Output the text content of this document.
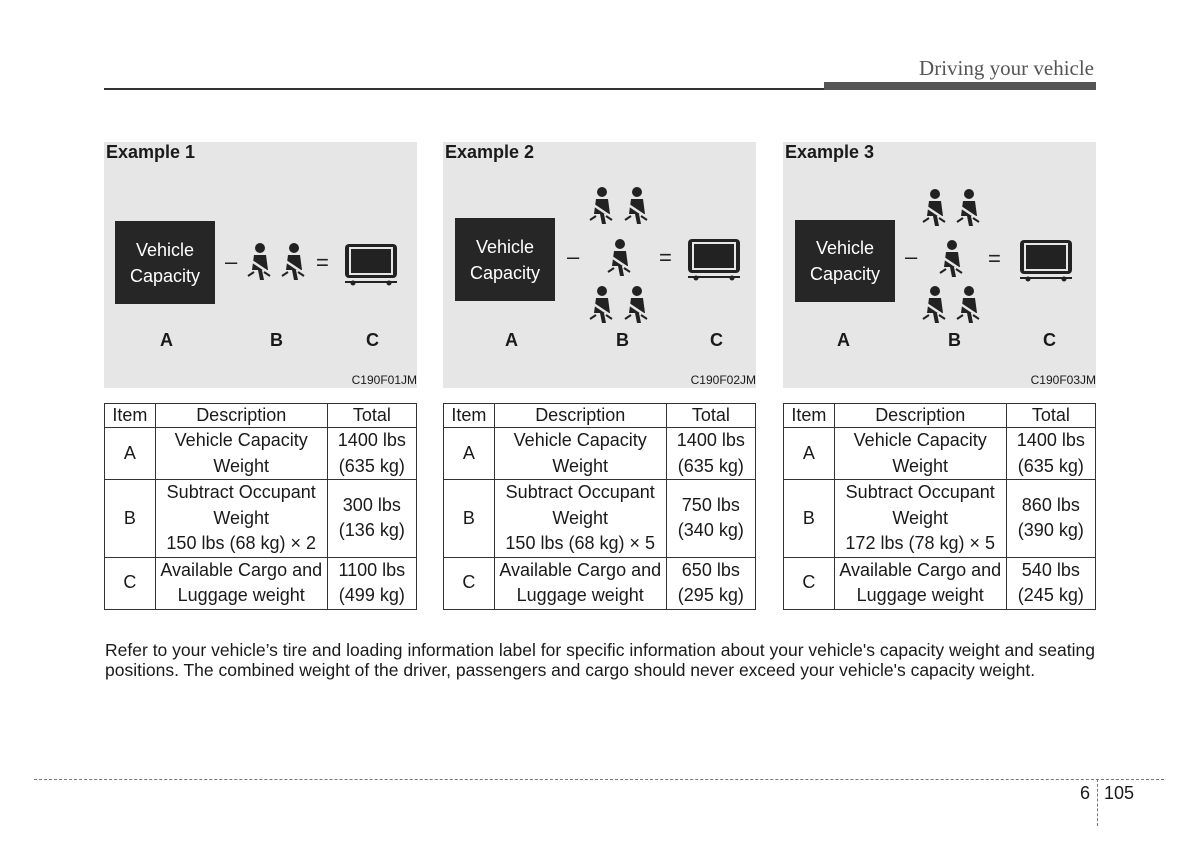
Driving your vehicle
Example 1
Vehicle
Capacity
–	=
A	B	C
C190F01JM
Item	Description	Total
A	Vehicle Capacity
Weight	1400 lbs
(635 kg)

B	Subtract Occupant
Weight
150 lbs (68 kg) × 2	300 lbs
(136 kg)

C	Available Cargo and
Luggage weight	1100 lbs
(499 kg)
Example 2
Vehicle
Capacity
–	=
A	B	C
C190F02JM
Item	Description	Total
A	Vehicle Capacity
Weight	1400 lbs
(635 kg)

B	Subtract Occupant
Weight
150 lbs (68 kg) × 5	750 lbs
(340 kg)

C	Available Cargo and
Luggage weight	650 lbs
(295 kg)
Example 3
Vehicle
Capacity
–	=
A	B	C
C190F03JM
Item	Description	Total
A	Vehicle Capacity
Weight	1400 lbs
(635 kg)

B	Subtract Occupant
Weight
172 lbs (78 kg) × 5	860 lbs
(390 kg)

C	Available Cargo and
Luggage weight	540 lbs
(245 kg)

Refer to your vehicle’s tire and loading information label for specific information about your vehicle's capacity weight and seating positions. The combined weight of the driver, passengers and cargo should never exceed your vehicle's capacity weight.

6 105
